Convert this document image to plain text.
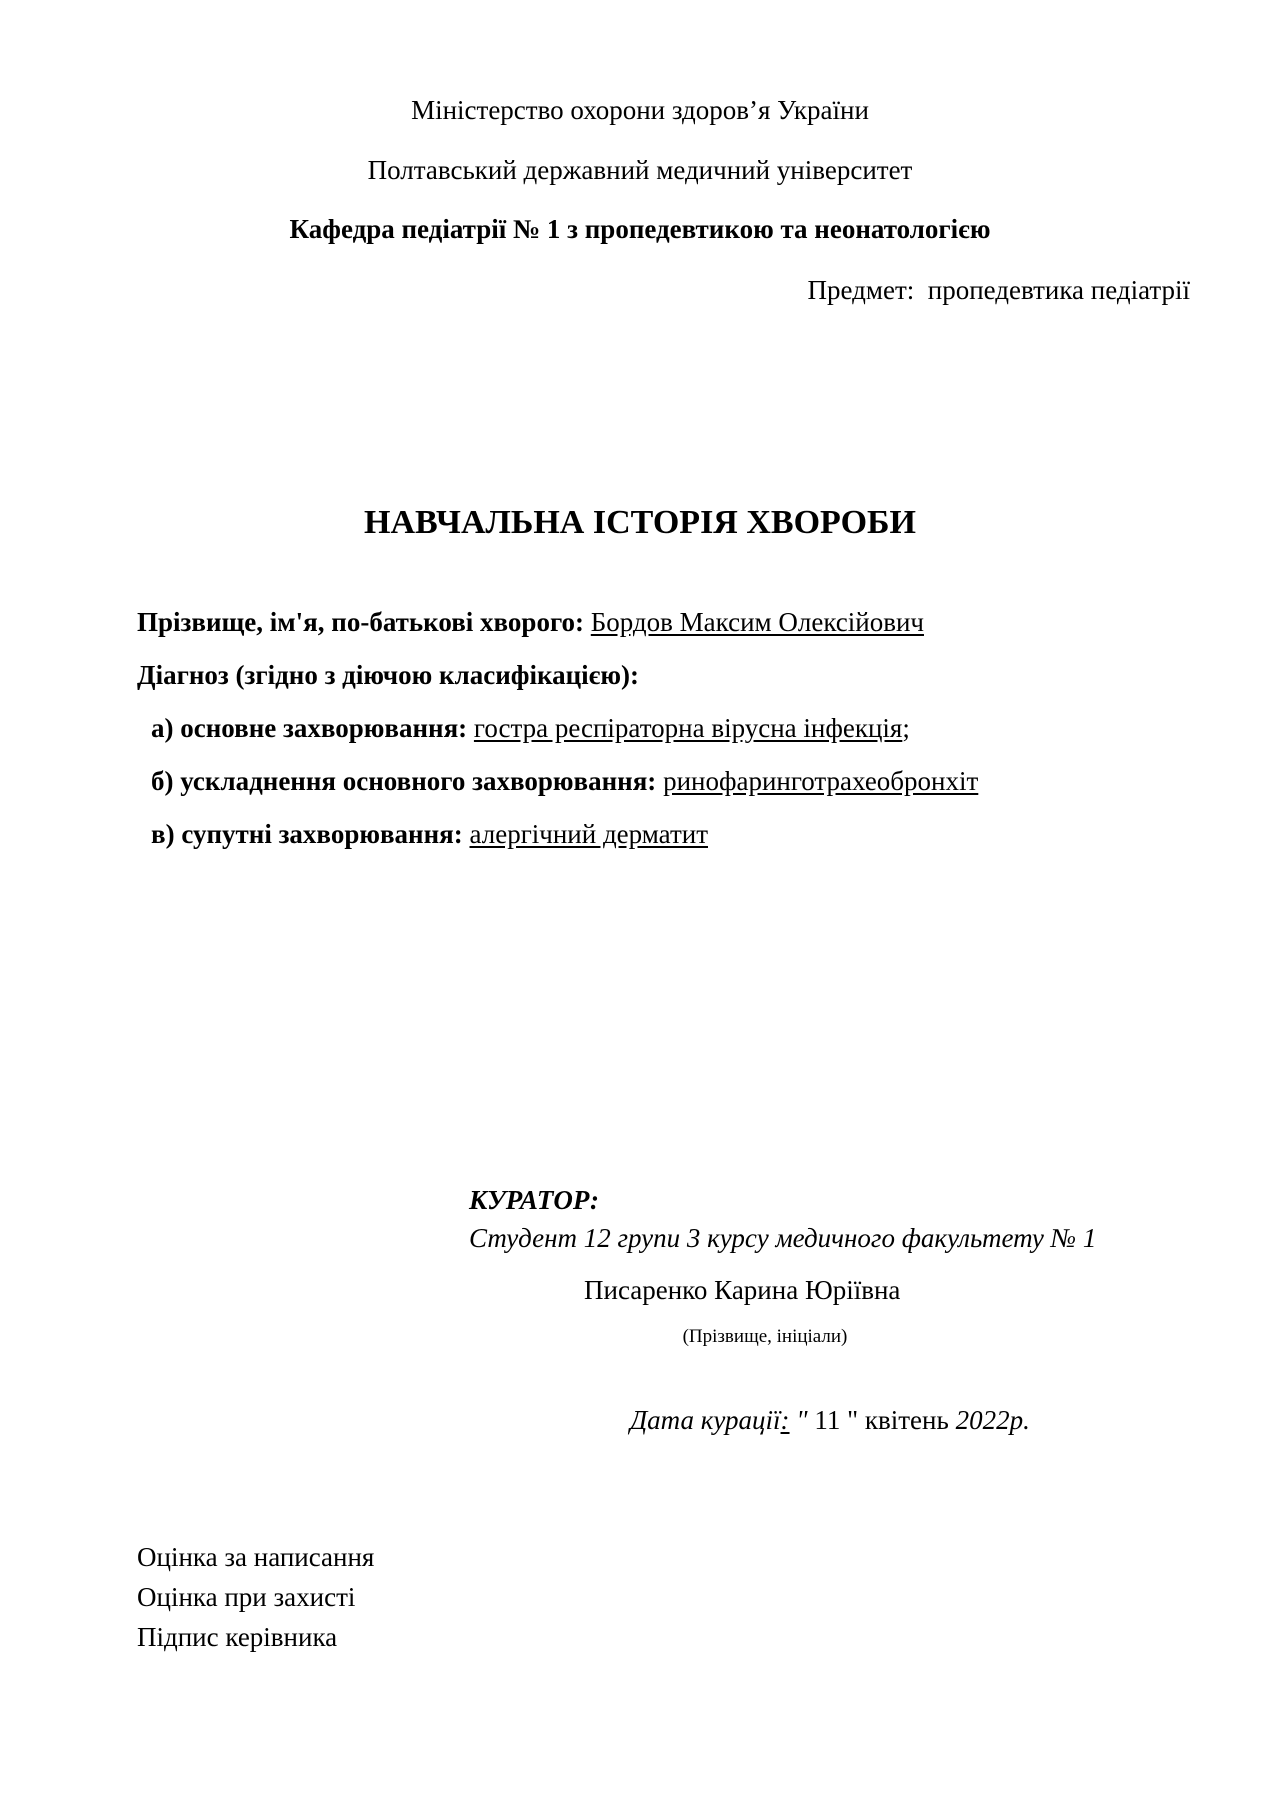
Міністерство охорони здоров’я України
Полтавський державний медичний університет
Кафедра педіатрії № 1 з пропедевтикою та неонатологією
Предмет: пропедевтика педіатрії
НАВЧАЛЬНА ІСТОРІЯ ХВОРОБИ
Прізвище, ім'я, по-батькові хворого: Бордов Максим Олексійович
Діагноз (згідно з діючою класифікацією):
а) основне захворювання: гостра респіраторна вірусна інфекція;
б) ускладнення основного захворювання: ринофаринготрахеобронхіт
в) супутні захворювання: алергічний дерматит
КУРАТОР:
Студент 12 групи 3 курсу медичного факультету № 1
Писаренко Карина Юріївна
(Прізвище, ініціали)
Дата курації: " 11 " квітень 2022р.
Оцінка за написання
Оцінка при захисті
Підпис керівника
